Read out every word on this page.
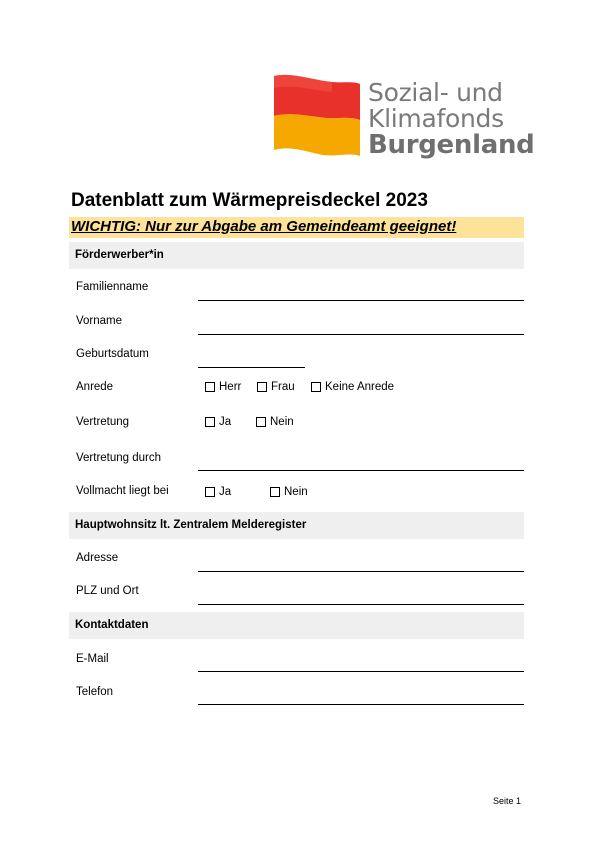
Sozial- und
Klimafonds
Burgenland
Datenblatt zum Wärmepreisdeckel 2023
WICHTIG: Nur zur Abgabe am Gemeindeamt geeignet!
Förderwerber*in
Familienname
Vorname
Geburtsdatum
Anrede	Herr	Frau	Keine Anrede
Vertretung	Ja	Nein
Vertretung durch
Vollmacht liegt bei	Ja	Nein
Hauptwohnsitz lt. Zentralem Melderegister
Adresse
PLZ und Ort
Kontaktdaten
E-Mail
Telefon
Seite 1
